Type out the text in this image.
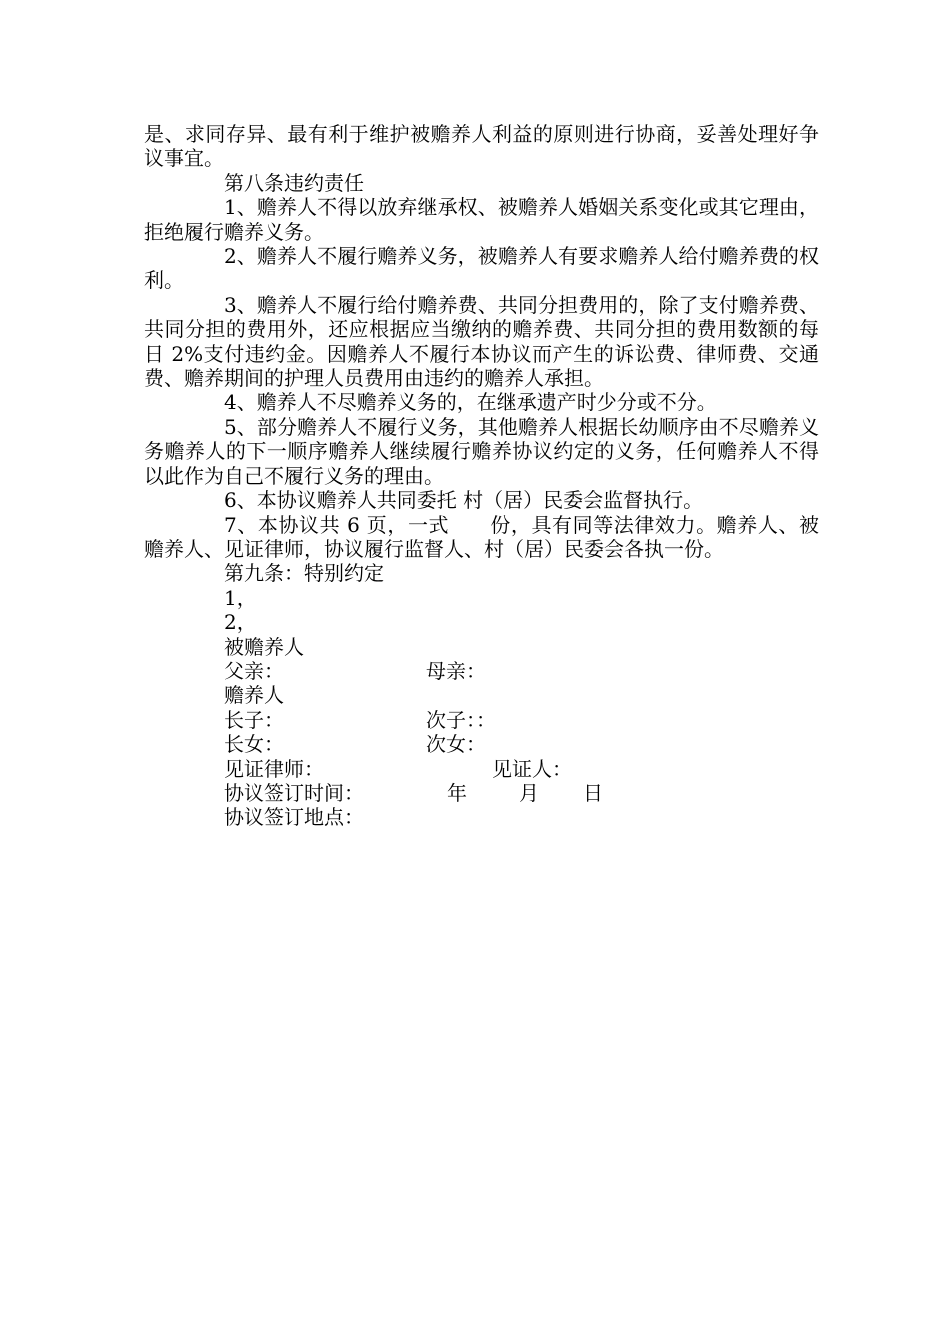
是、求同存异、最有利于维护被赡养人利益的原则进行协商，妥善处理好争议事宜。

第八条违约责任

1、赡养人不得以放弃继承权、被赡养人婚姻关系变化或其它理由，拒绝履行赡养义务。

2、赡养人不履行赡养义务，被赡养人有要求赡养人给付赡养费的权利。

3、赡养人不履行给付赡养费、共同分担费用的，除了支付赡养费、共同分担的费用外，还应根据应当缴纳的赡养费、共同分担的费用数额的每日 2%支付违约金。因赡养人不履行本协议而产生的诉讼费、律师费、交通费、赡养期间的护理人员费用由违约的赡养人承担。

4、赡养人不尽赡养义务的，在继承遗产时少分或不分。

5、部分赡养人不履行义务，其他赡养人根据长幼顺序由不尽赡养义务赡养人的下一顺序赡养人继续履行赡养协议约定的义务，任何赡养人不得以此作为自己不履行义务的理由。

6、本协议赡养人共同委托 村（居）民委会监督执行。

7、本协议共 6 页，一式　　份，具有同等法律效力。赡养人、被赡养人、见证律师，协议履行监督人、村（居）民委会各执一份。

第九条：特别约定

1，

2，

被赡养人

父亲：	母亲：

赡养人

长子：	次子：：

长女：	次女：

见证律师：	见证人：

协议签订时间：	年	月 日

协议签订地点：
